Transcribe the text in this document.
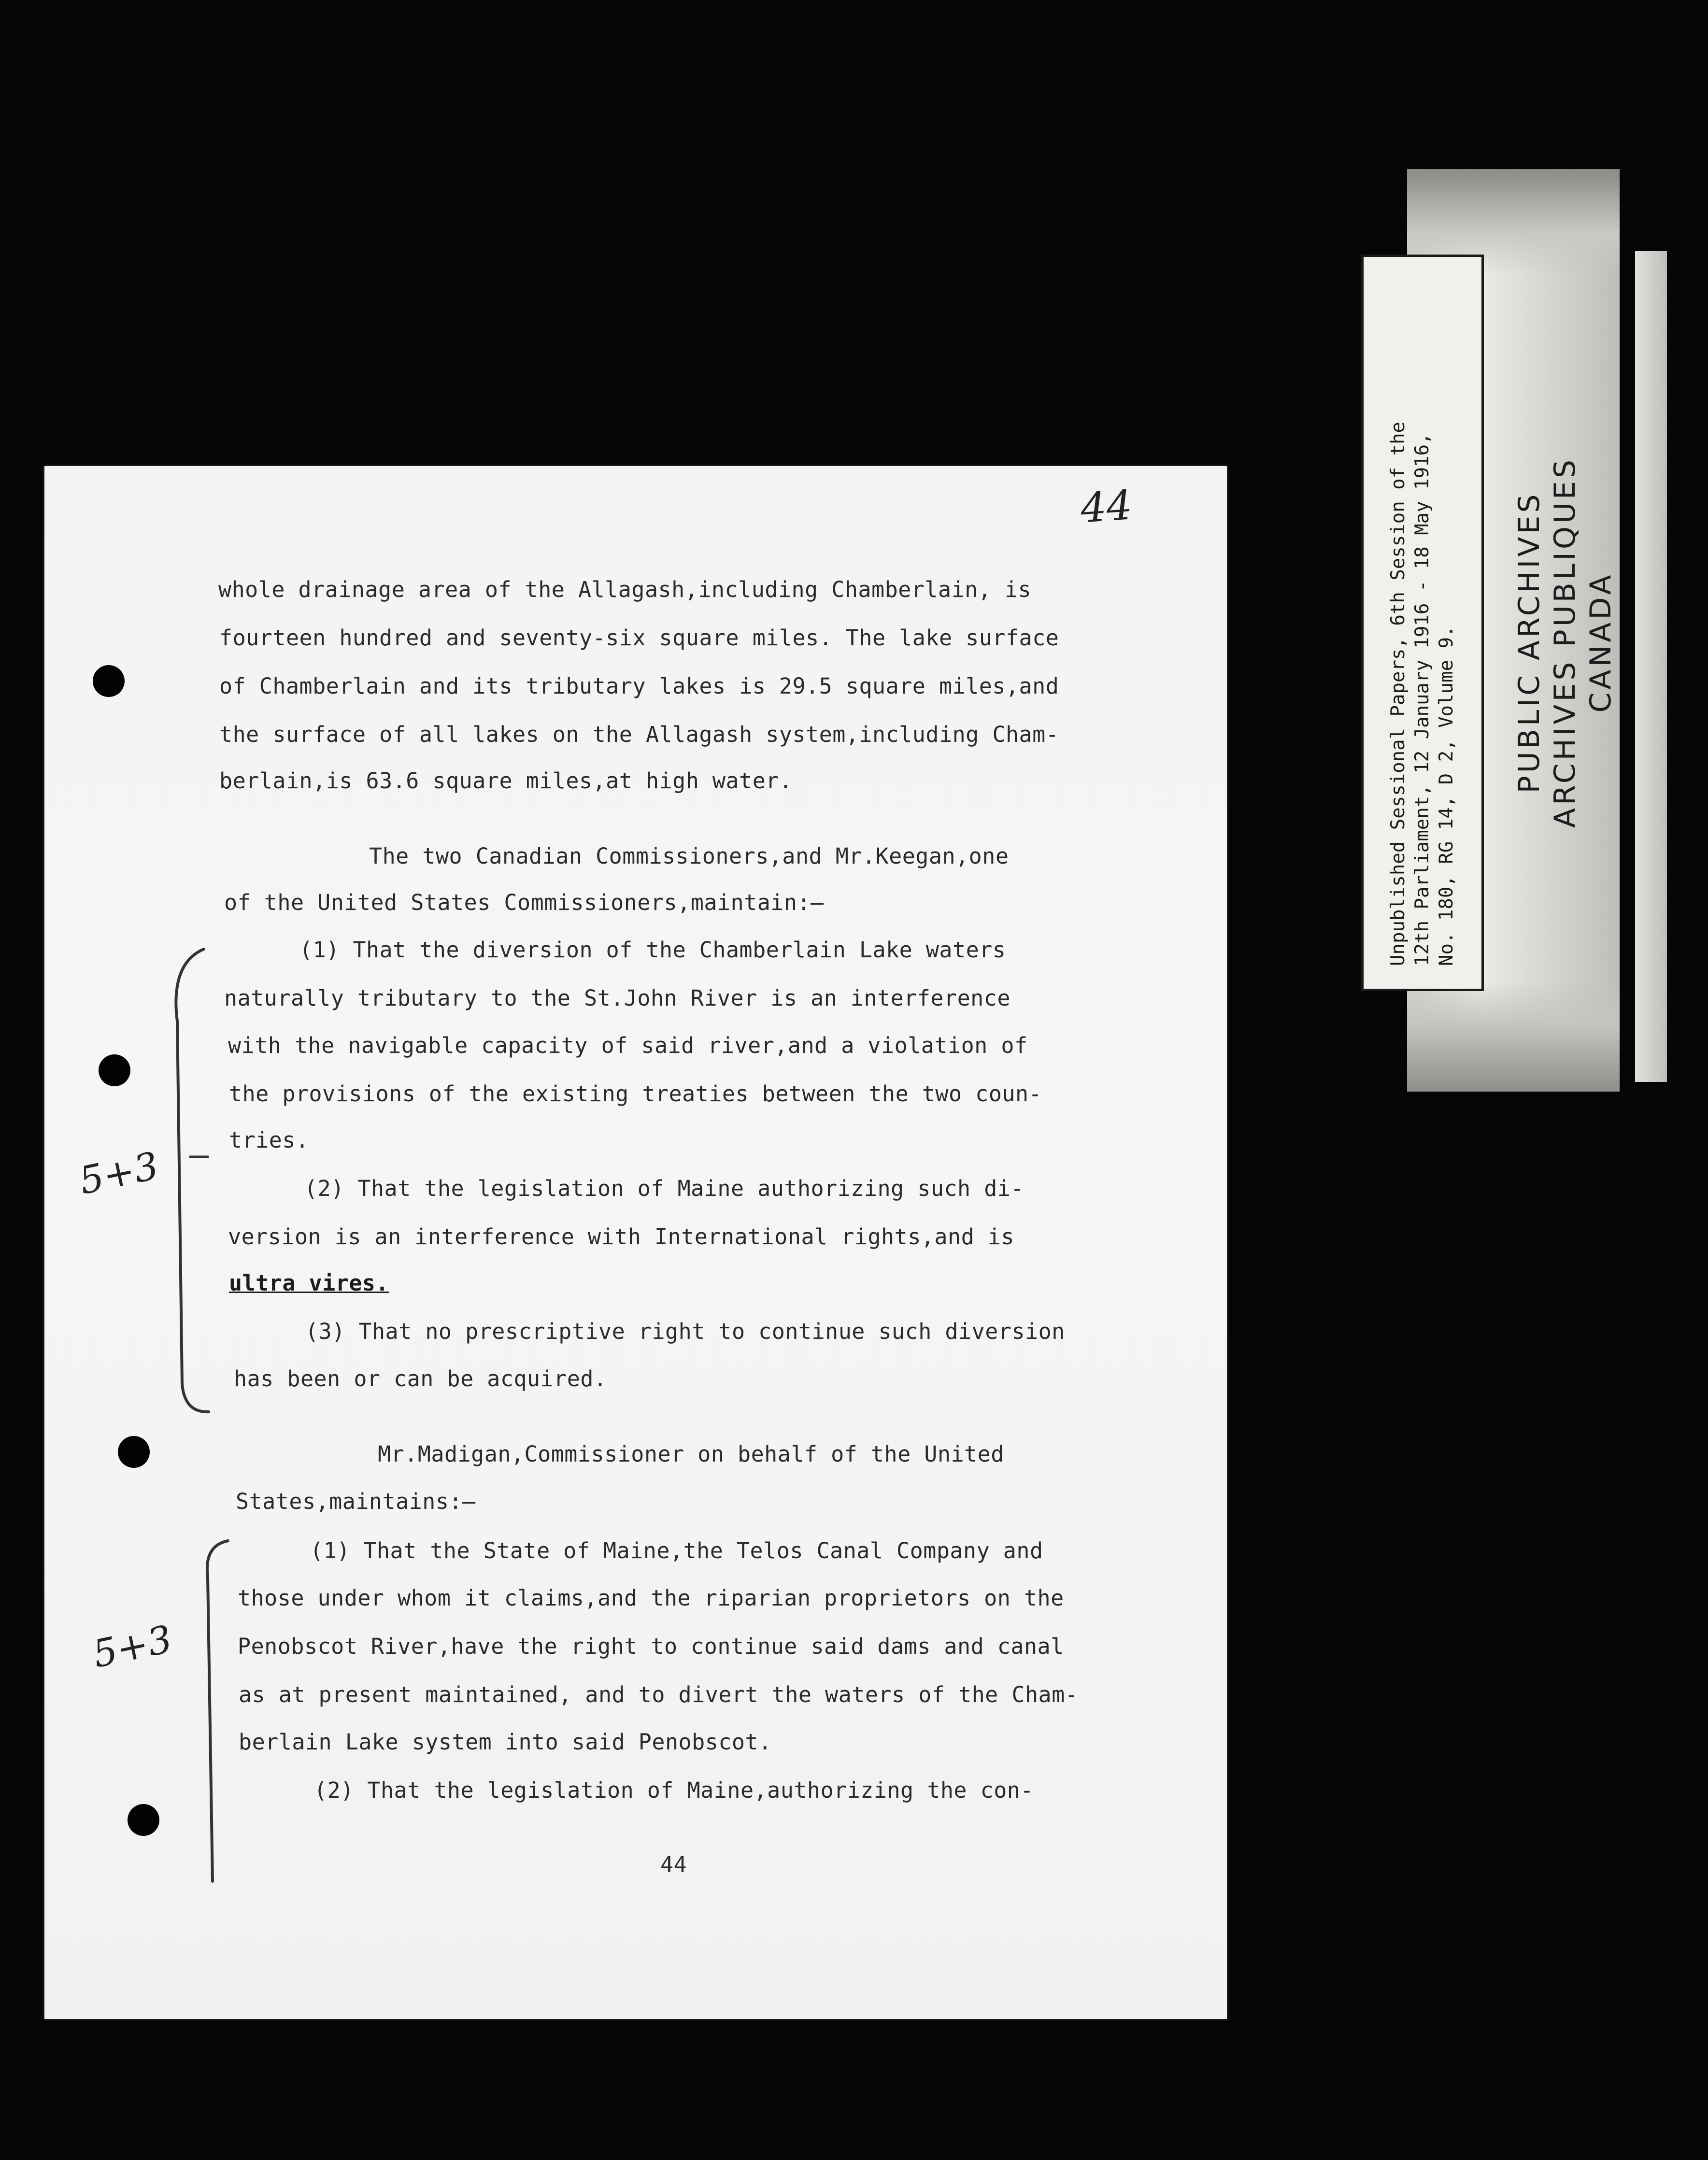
Unpublished Sessional Papers, 6th Session of the 12th Parliament, 12 January 1916 - 18 May 1916, No. 180, RG 14, D 2, Volume 9. PUBLIC ARCHIVES ARCHIVES PUBLIQUES CANADA
44
5+3
5+3
whole drainage area of the Allagash,including Chamberlain, is
fourteen hundred and seventy-six square miles. The lake surface
of Chamberlain and its tributary lakes is 29.5 square miles,and
the surface of all lakes on the Allagash system,including Cham-
berlain,is 63.6 square miles,at high water.
The two Canadian Commissioners,and Mr.Keegan,one
of the United States Commissioners,maintain:—
(1) That the diversion of the Chamberlain Lake waters
naturally tributary to the St.John River is an interference
with the navigable capacity of said river,and a violation of
the provisions of the existing treaties between the two coun-
tries.
(2) That the legislation of Maine authorizing such di-
version is an interference with International rights,and is
ultra vires.
(3) That no prescriptive right to continue such diversion
has been or can be acquired.
Mr.Madigan,Commissioner on behalf of the United
States,maintains:—
(1) That the State of Maine,the Telos Canal Company and
those under whom it claims,and the riparian proprietors on the
Penobscot River,have the right to continue said dams and canal
as at present maintained, and to divert the waters of the Cham-
berlain Lake system into said Penobscot.
(2) That the legislation of Maine,authorizing the con-
44
